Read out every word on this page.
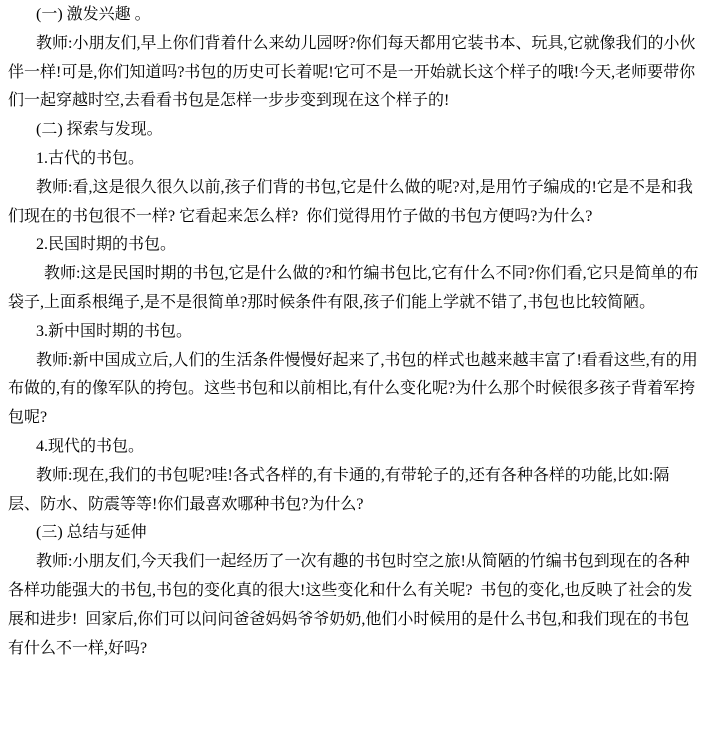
(一) 激发兴趣 。

教师:小朋友们,早上你们背着什么来幼儿园呀?你们每天都用它装书本、玩具,它就像我们的小伙伴一样!可是,你们知道吗?书包的历史可长着呢!它可不是一开始就长这个样子的哦!今天,老师要带你们一起穿越时空,去看看书包是怎样一步步变到现在这个样子的!

(二) 探索与发现。

1.古代的书包。

教师:看,这是很久很久以前,孩子们背的书包,它是什么做的呢?对,是用竹子编成的!它是不是和我们现在的书包很不一样? 它看起来怎么样?  你们觉得用竹子做的书包方便吗?为什么?

2.民国时期的书包。

教师:这是民国时期的书包,它是什么做的?和竹编书包比,它有什么不同?你们看,它只是简单的布袋子,上面系根绳子,是不是很简单?那时候条件有限,孩子们能上学就不错了,书包也比较简陋。

3.新中国时期的书包。

教师:新中国成立后,人们的生活条件慢慢好起来了,书包的样式也越来越丰富了!看看这些,有的用布做的,有的像军队的挎包。这些书包和以前相比,有什么变化呢?为什么那个时候很多孩子背着军挎包呢?

4.现代的书包。

教师:现在,我们的书包呢?哇!各式各样的,有卡通的,有带轮子的,还有各种各样的功能,比如:隔层、防水、防震等等!你们最喜欢哪种书包?为什么?

(三) 总结与延伸

教师:小朋友们,今天我们一起经历了一次有趣的书包时空之旅!从简陋的竹编书包到现在的各种各样功能强大的书包,书包的变化真的很大!这些变化和什么有关呢?  书包的变化,也反映了社会的发展和进步!  回家后,你们可以问问爸爸妈妈爷爷奶奶,他们小时候用的是什么书包,和我们现在的书包有什么不一样,好吗?
